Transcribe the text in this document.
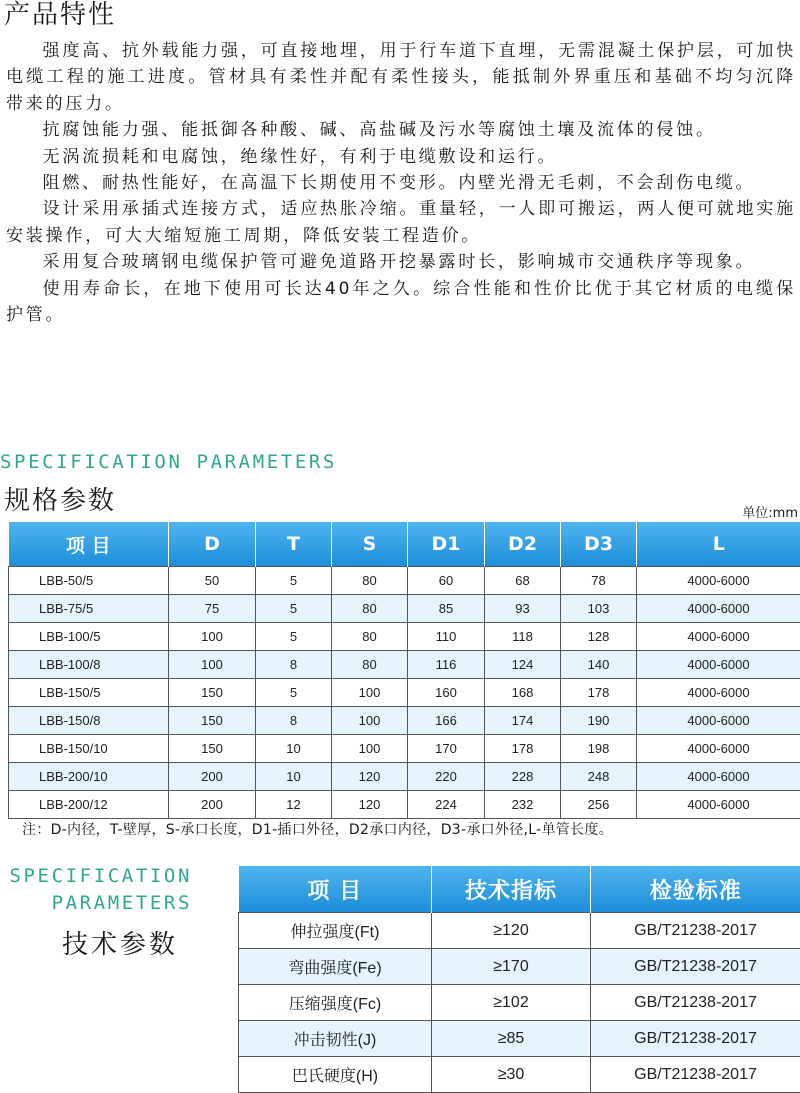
产品特性

强度高、抗外载能力强，可直接地埋，用于行车道下直埋，无需混凝土保护层，可加快电缆工程的施工进度。管材具有柔性并配有柔性接头，能抵制外界重压和基础不均匀沉降带来的压力。

抗腐蚀能力强、能抵御各种酸、碱、高盐碱及污水等腐蚀土壤及流体的侵蚀。

无涡流损耗和电腐蚀，绝缘性好，有利于电缆敷设和运行。

阻燃、耐热性能好，在高温下长期使用不变形。内壁光滑无毛刺，不会刮伤电缆。

设计采用承插式连接方式，适应热胀冷缩。重量轻，一人即可搬运，两人便可就地实施安装操作，可大大缩短施工周期，降低安装工程造价。

采用复合玻璃钢电缆保护管可避免道路开挖暴露时长，影响城市交通秩序等现象。

使用寿命长，在地下使用可长达40年之久。综合性能和性价比优于其它材质的电缆保护管。

SPECIFICATION PARAMETERS
规格参数	单位:mm
项 目	D	T	S	D1	D2	D3	L
LBB-50/5	50	5	80	60	68	78	4000-6000
LBB-75/5	75	5	80	85	93	103	4000-6000
LBB-100/5	100	5	80	110	118	128	4000-6000
LBB-100/8	100	8	80	116	124	140	4000-6000
LBB-150/5	150	5	100	160	168	178	4000-6000
LBB-150/8	150	8	100	166	174	190	4000-6000
LBB-150/10	150	10	100	170	178	198	4000-6000
LBB-200/10	200	10	120	220	228	248	4000-6000
LBB-200/12	200	12	120	224	232	256	4000-6000
注：D-内径，T-壁厚，S-承口长度，D1-插口外径，D2承口内径，D3-承口外径,L-单管长度。
SPECIFICATION
PARAMETERS
技术参数
项 目	技术指标	检验标准
伸拉强度(Ft)	≥120	GB/T21238-2017
弯曲强度(Fe)	≥170	GB/T21238-2017
压缩强度(Fc)	≥102	GB/T21238-2017
冲击韧性(J)	≥85	GB/T21238-2017
巴氏硬度(H)	≥30	GB/T21238-2017
